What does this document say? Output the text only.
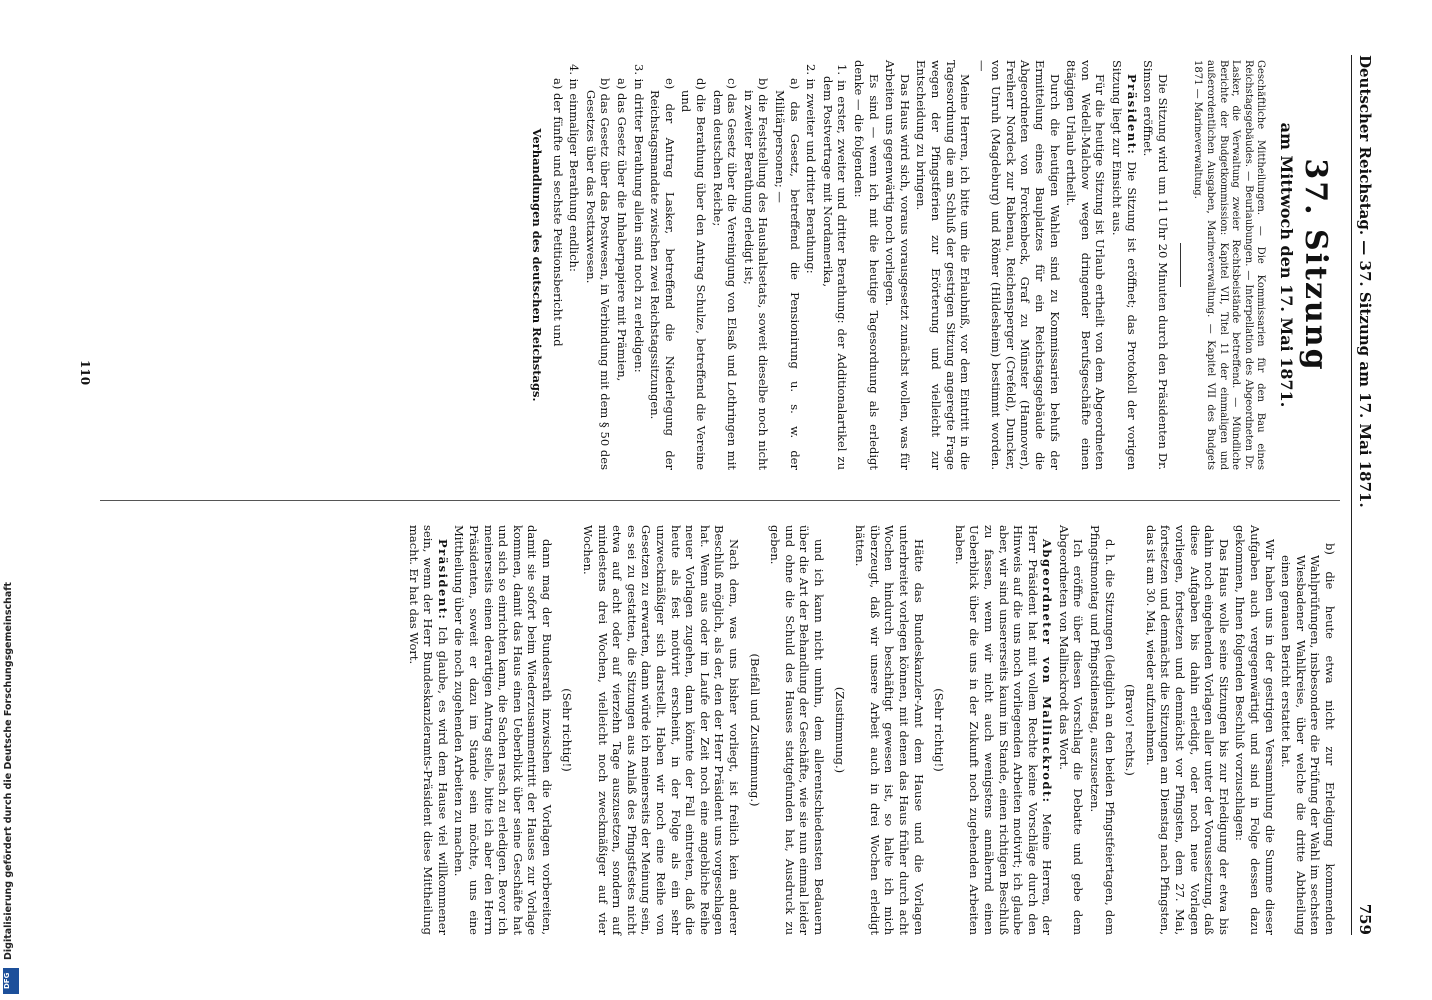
Deutscher Reichstag. — 37. Sitzung am 17. Mai 1871.
759
37. Sitzung
am Mittwoch den 17. Mai 1871.
Geschäftliche Mittheilungen. — Die Kommissarien für den Bau eines Reichstagsgebäudes. — Beurlaubungen. — Interpellation des Abgeordneten Dr. Lasker, die Verwaltung zweier Rechtsbeistände betreffend. — Mündliche Berichte der Budgetkommission: Kapitel VII, Titel 11 der einmaligen und außerordentlichen Ausgaben, Marineverwaltung. — Kapitel VII des Budgets 1871 — Marineverwaltung.
Die Sitzung wird um 11 Uhr 20 Minuten durch den Präsidenten Dr. Simson eröffnet.
Präsident: Die Sitzung ist eröffnet; das Protokoll der vorigen Sitzung liegt zur Einsicht aus.
Für die heutige Sitzung ist Urlaub ertheilt von dem Abgeordneten von Wedell-Malchow wegen dringender Berufsgeschäfte einen 8tägigen Urlaub ertheilt.
Durch die heutigen Wahlen sind zu Kommissarien behufs der Ermittelung eines Bauplatzes für ein Reichstagsgebäude die Abgeordneten von Forckenbeck, Graf zu Münster (Hannover), Freiherr Nordeck zur Rabenau, Reichensperger (Crefeld), Duncker, von Unruh (Magdeburg) und Römer (Hildesheim) bestimmt worden. —
Meine Herren, ich bitte um die Erlaubniß, vor dem Eintritt in die Tagesordnung die am Schluß der gestrigen Sitzung angeregte Frage wegen der Pfingstferien zur Erörterung und vielleicht zur Entscheidung zu bringen.
Das Haus wird sich, voraus vorausgesetzt zunächst wollen, was für Arbeiten uns gegenwärtig noch vorliegen.
Es sind — wenn ich mit die heutige Tagesordnung als erledigt denke — die folgenden:
1. in erster, zweiter und dritter Berathung: der Additionalartikel zu dem Postvertrage mit Nordamerika,
2. in zweiter und dritter Berathung:
a) das Gesetz, betreffend die Pensionirung u. s. w. der Militärpersonen; —
b) die Feststellung des Haushaltsetats, soweit dieselbe noch nicht in zweiter Berathung erledigt ist;
c) das Gesetz über die Vereinigung von Elsaß und Lothringen mit dem deutschen Reiche;
d) die Berathung über den Antrag Schulze, betreffend die Vereine und
e) der Antrag Lasker, betreffend die Niederlegung der Reichstagsmandate zwischen zwei Reichstagssitzungen.
3. in dritter Berathung allein sind noch zu erledigen:
a) das Gesetz über die Inhaberpapiere mit Prämien,
b) das Gesetz über das Postwesen, in Verbindung mit dem § 50 des Gesetzes über das Posttaxwesen.
4. in einmaliger Berathung endlich:
a) der fünfte und sechste Petitionsbericht und
Verhandlungen des deutschen Reichstags.
b) die heute etwa nicht zur Erledigung kommenden Wahlprüfungen, insbesondere die Prüfung der Wahl im sechsten Wiesbadener Wahlkreise, über welche die dritte Abtheilung einen genauen Bericht erstattet hat.
Wir haben uns in der gestrigen Versammlung die Summe dieser Aufgaben auch vergegenwärtigt und sind in Folge dessen dazu gekommen, Ihnen folgenden Beschluß vorzuschlagen:
Das Haus wolle seine Sitzungen bis zur Erledigung der etwa bis dahin noch eingehenden Vorlagen aller unter der Voraussetzung, daß diese Aufgaben bis dahin erledigt, oder noch neue Vorlagen vorliegen, fortsetzen und demnächst vor Pfingsten, dem 27. Mai, fortsetzen und demnächst die Sitzungen am Dienstag nach Pfingsten, das ist am 30. Mai, wieder aufzunehmen.
(Bravo! rechts.)
d. h. die Sitzungen (lediglich an den beiden Pfingstfeiertagen, dem Pfingstmontag und Pfingstdienstag, auszusetzen.
Ich eröffne über diesen Vorschlag die Debatte und gebe dem Abgeordneten von Mallinckrodt das Wort.
Abgeordneter von Mallinckrodt: Meine Herren, der Herr Präsident hat mit vollem Rechte keine Vorschläge durch den Hinweis auf die uns noch vorliegenden Arbeiten motivirt; ich glaube aber, wir sind unsererseits kaum im Stande, einen richtigen Beschluß zu fassen, wenn wir nicht auch wenigstens annähernd einen Ueberblick über die uns in der Zukunft noch zugehenden Arbeiten haben.
(Sehr richtig!)
Hätte das Bundeskanzler-Amt dem Hause und die Vorlagen unterbreitet vorlegen können, mit denen das Haus früher durch acht Wochen hindurch beschäftigt gewesen ist, so halte ich mich überzeugt, daß wir unsere Arbeit auch in drei Wochen erledigt hätten.
(Zustimmung.)
und ich kann nicht umhin, dem allerentschiedensten Bedauern über die Art der Behandlung der Geschäfte, wie sie nun einmal leider und ohne die Schuld des Hauses stattgefunden hat, Ausdruck zu geben.
(Beifall und Zustimmung.)
Nach dem, was uns bisher vorliegt, ist freilich kein anderer Beschluß möglich, als der, den der Herr Präsident uns vorgeschlagen hat. Wenn aus oder im Laufe der Zeit noch eine angebliche Reihe neuer Vorlagen zugehen, dann könnte der Fall eintreten, daß die heute als fest motivirt erscheint, in der Folge als ein sehr unzweckmäßiger sich darstellt. Haben wir noch eine Reihe von Gesetzen zu erwarten, dann würde ich meinerseits der Meinung sein, es sei zu gestatten, die Sitzungen aus Anlaß des Pfingstfestes nicht etwa auf acht oder auf vierzehn Tage auszusetzen, sondern auf mindestens drei Wochen, vielleicht noch zweckmäßiger auf vier Wochen.
(Sehr richtig!)
dann mag der Bundesrath inzwischen die Vorlagen vorbereiten, damit sie sofort beim Wiederzusammentritt der Hauses zur Vorlage kommen, damit das Haus einen Ueberblick über seine Geschäfte hat und sich so einrichten kann, die Sachen rasch zu erledigen. Bevor ich meinerseits einen derartigen Antrag stelle, bitte ich aber den Herrn Präsidenten, soweit er dazu im Stande sein möchte, uns eine Mittheilung über die noch zugehenden Arbeiten zu machen.
Präsident: Ich glaube, es wird dem Hause viel willkommener sein, wenn der Herr Bundeskanzleramts-Präsident diese Mittheilung macht. Er hat das Wort.
110
DFG
Digitalisierung gefördert durch die Deutsche Forschungsgemeinschaft
